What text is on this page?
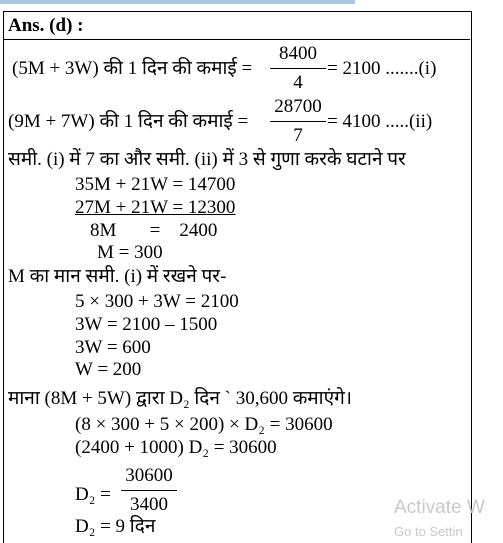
Ans. (d) :
(5M + 3W) की 1 दिन की कमाई =
8400
4
= 2100 .......(i)
(9M + 7W) की 1 दिन की कमाई =
28700
7
= 4100 .....(ii)
समी. (i) में 7 का और समी. (ii) में 3 से गुणा करके घटाने पर
35M + 21W = 14700
27M + 21W = 12300
8M       =    2400
M = 300
M का मान समी. (i) में रखने पर-
5 × 300 + 3W = 2100
3W = 2100 – 1500
3W = 600
W = 200
माना (8M + 5W) द्वारा D₂ दिन ` 30,600 कमाएंगे।
(8 × 300 + 5 × 200) × D₂ = 30600
(2400 + 1000) D₂ = 30600
D₂ =
30600
3400
D₂ = 9 दिन
Activate W
Go to Settin
